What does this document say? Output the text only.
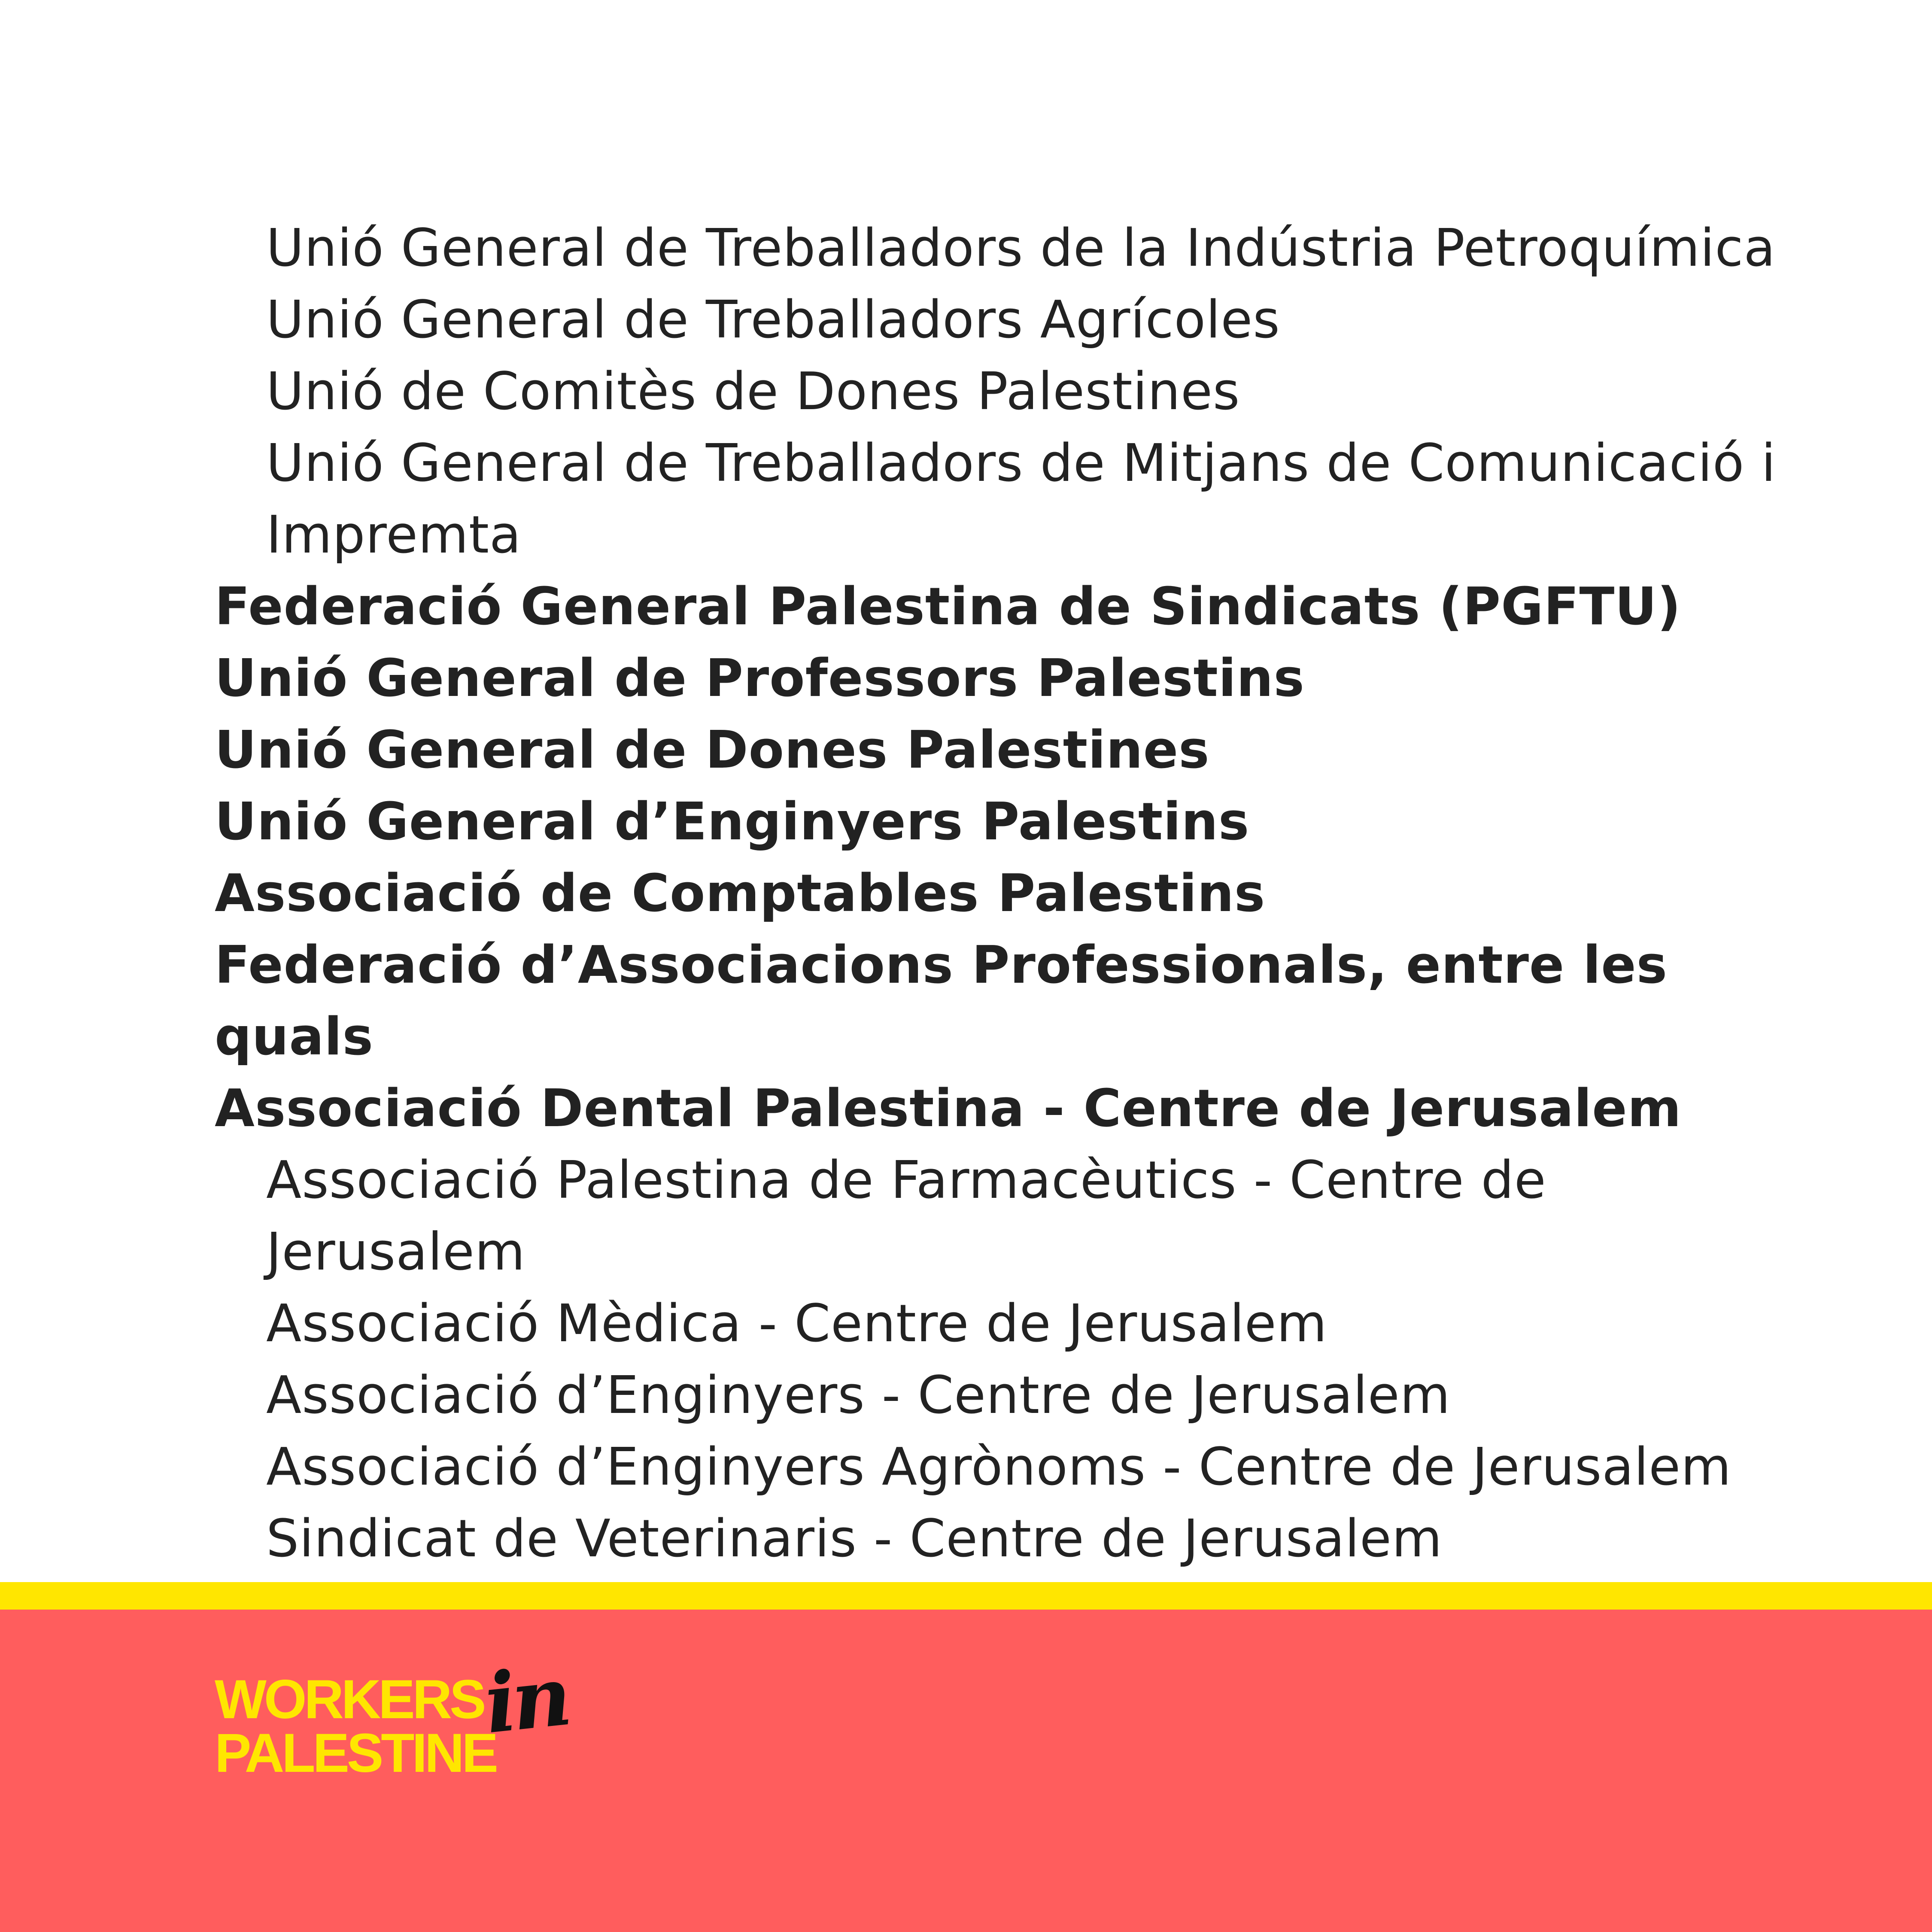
Unió General de Treballadors de la Indústria Petroquímica
Unió General de Treballadors Agrícoles
Unió de Comitès de Dones Palestines
Unió General de Treballadors de Mitjans de Comunicació i Impremta
Federació General Palestina de Sindicats (PGFTU)
Unió General de Professors Palestins
Unió General de Dones Palestines
Unió General d’Enginyers Palestins
Associació de Comptables Palestins
Federació d’Associacions Professionals, entre les quals
Associació Dental Palestina - Centre de Jerusalem
Associació Palestina de Farmacèutics - Centre de Jerusalem
Associació Mèdica - Centre de Jerusalem
Associació d’Enginyers - Centre de Jerusalem
Associació d’Enginyers Agrònoms - Centre de Jerusalem
Sindicat de Veterinaris - Centre de Jerusalem
WORKERS
PALESTINE
in
